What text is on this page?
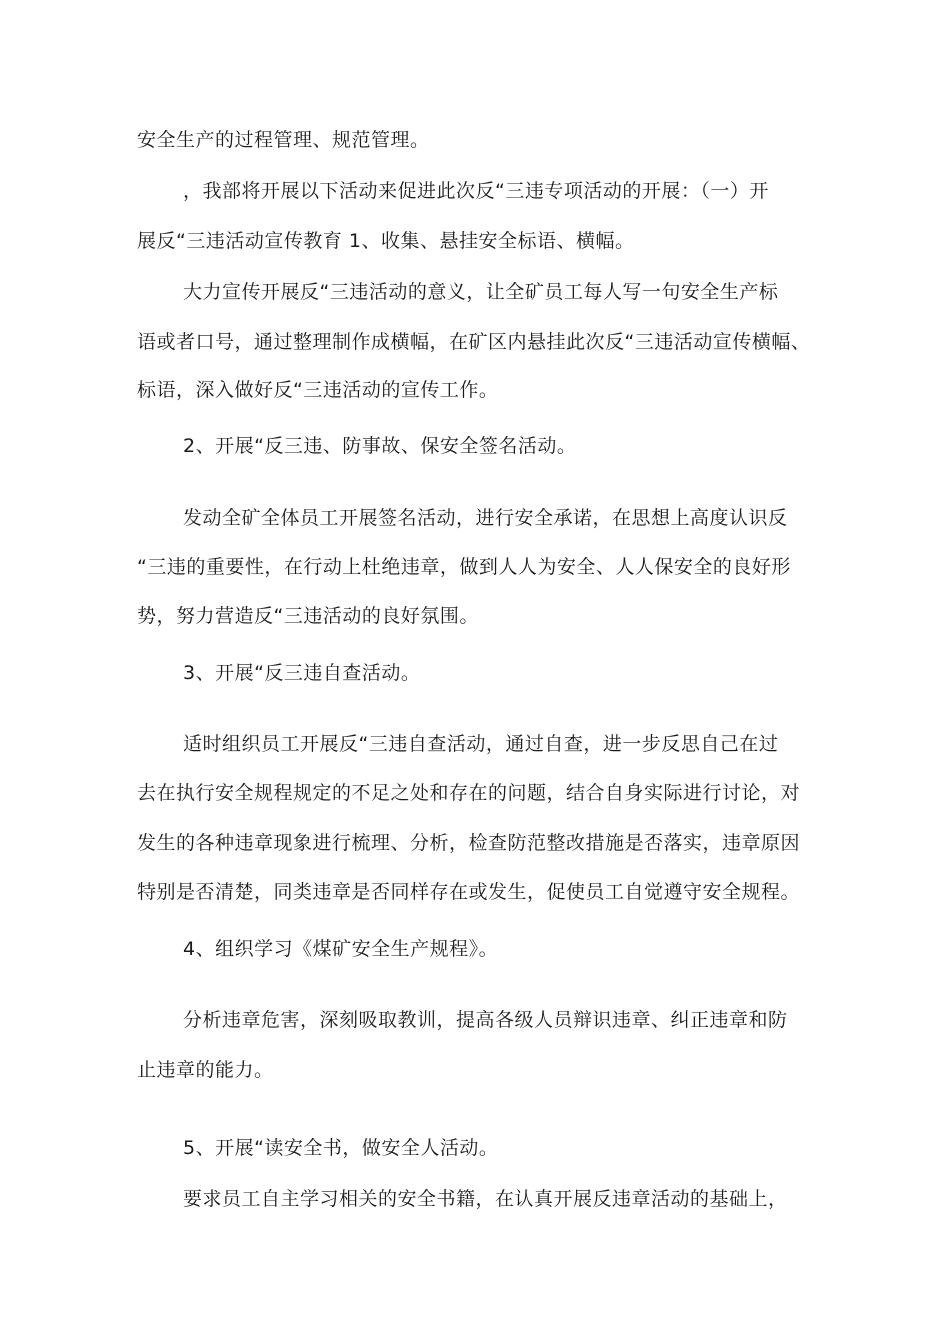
安全生产的过程管理、规范管理。
，我部将开展以下活动来促进此次反“三违专项活动的开展：（一）开
展反“三违活动宣传教育 1、收集、悬挂安全标语、横幅。
大力宣传开展反“三违活动的意义，让全矿员工每人写一句安全生产标
语或者口号，通过整理制作成横幅，在矿区内悬挂此次反“三违活动宣传横幅、
标语，深入做好反“三违活动的宣传工作。
2、开展“反三违、防事故、保安全签名活动。
发动全矿全体员工开展签名活动，进行安全承诺，在思想上高度认识反
“三违的重要性，在行动上杜绝违章，做到人人为安全、人人保安全的良好形
势，努力营造反“三违活动的良好氛围。
3、开展“反三违自查活动。
适时组织员工开展反“三违自查活动，通过自查，进一步反思自己在过
去在执行安全规程规定的不足之处和存在的问题，结合自身实际进行讨论，对
发生的各种违章现象进行梳理、分析，检查防范整改措施是否落实，违章原因
特别是否清楚，同类违章是否同样存在或发生，促使员工自觉遵守安全规程。
4、组织学习《煤矿安全生产规程》。
分析违章危害，深刻吸取教训，提高各级人员辩识违章、纠正违章和防
止违章的能力。
5、开展“读安全书，做安全人活动。
要求员工自主学习相关的安全书籍，在认真开展反违章活动的基础上，
